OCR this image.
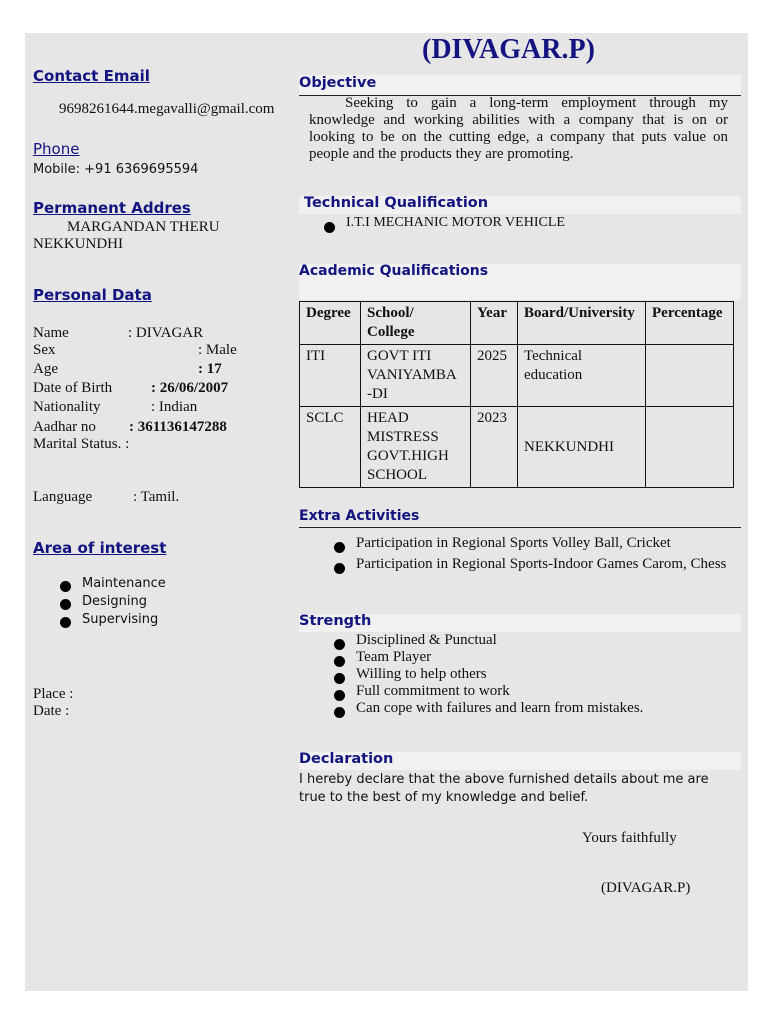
(DIVAGAR.P)
Contact Email
9698261644.megavalli@gmail.com
Phone
Mobile: +91 6369695594
Permanent Addres
MARGANDAN THERU
NEKKUNDHI
Personal Data
Name	: DIVAGAR
Sex	: Male
Age	: 17
Date of Birth	: 26/06/2007
Nationality	: Indian
Aadhar no : 361136147288
Marital Status. :
Language	: Tamil.
Area of interest
Maintenance
Designing
Supervising
Place :
Date :
Objective
Seeking to gain a long-term employment through my knowledge and working abilities with a company that is on or looking to be on the cutting edge, a company that puts value on people and the products they are promoting.
Technical Qualification
I.T.I MECHANIC MOTOR VEHICLE
Academic Qualifications
Degree	School/ College	Year	Board/University	Percentage
ITI	GOVT ITI VANIYAMBA -DI	2025	Technical education	
SCLC	HEAD MISTRESS GOVT.HIGH SCHOOL	2023	NEKKUNDHI	
Extra Activities
Participation in Regional Sports Volley Ball, Cricket
Participation in Regional Sports-Indoor Games Carom, Chess
Strength
Disciplined & Punctual
Team Player
Willing to help others
Full commitment to work
Can cope with failures and learn from mistakes.
Declaration
I hereby declare that the above furnished details about me are true to the best of my knowledge and belief.
Yours faithfully
(DIVAGAR.P)
